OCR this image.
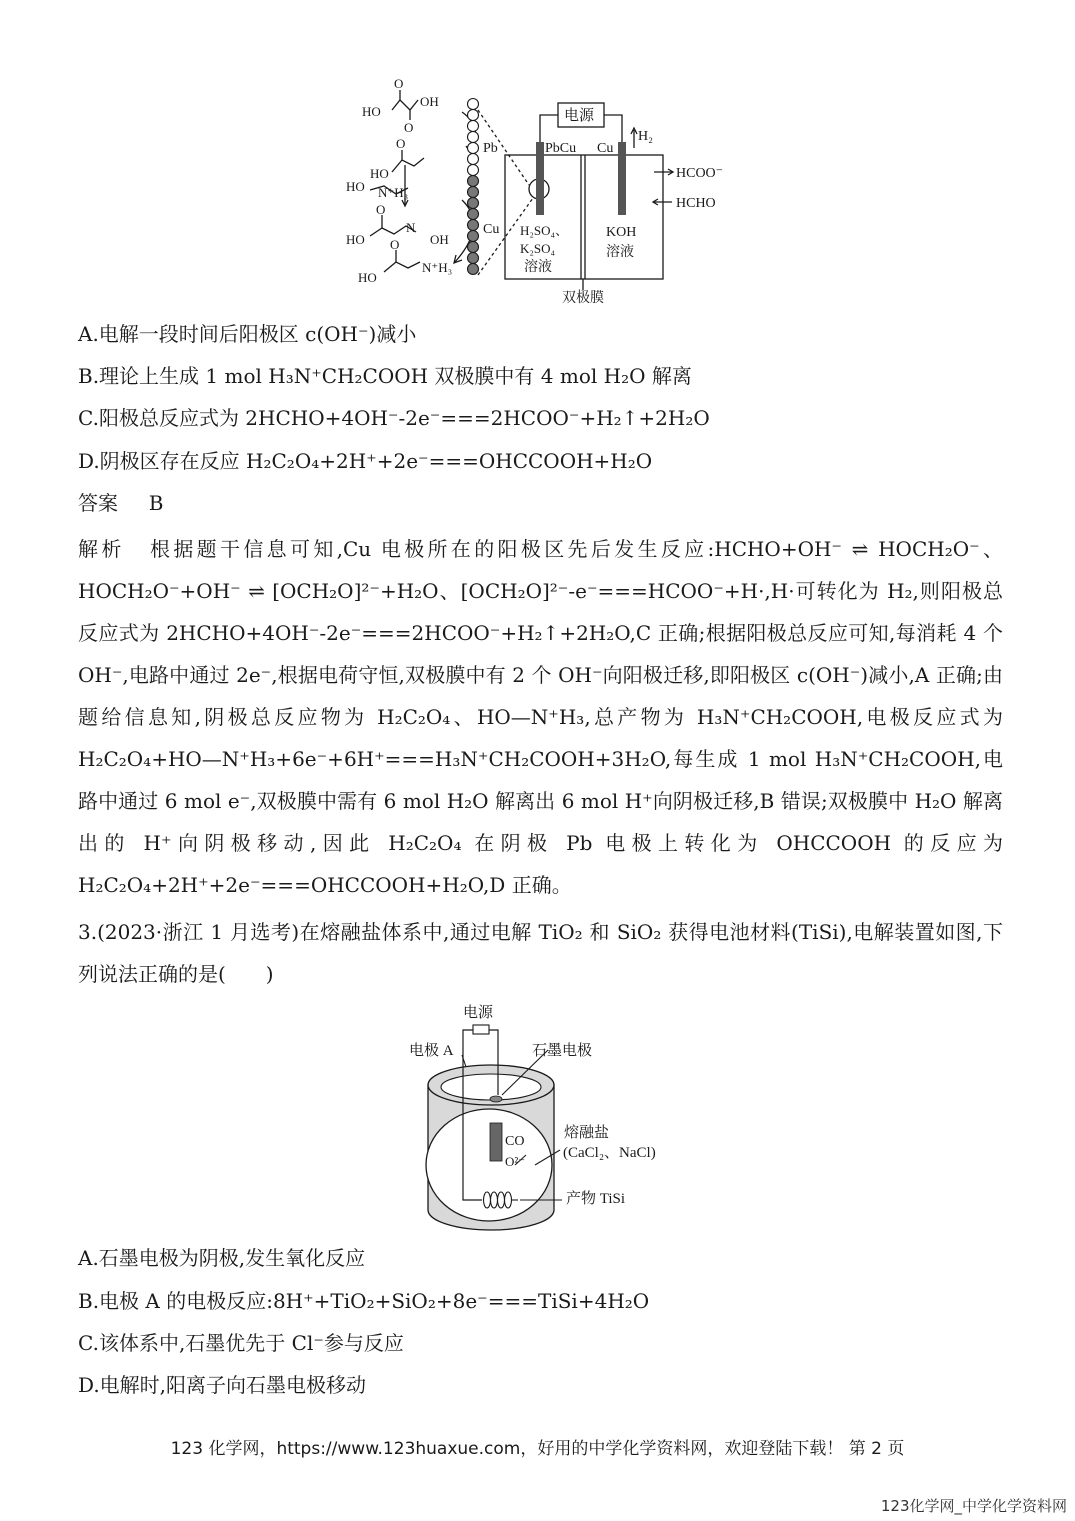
电源
Pb
Cu
PbCu Cu
H₂
HCOO⁻
HCHO
H₂SO₄、
K₂SO₄
溶液
KOH
溶液
双极膜
HO
OH
O
O
HO
O
HO N⁺H₃
O
HO
N
OH
HO
O
N⁺H₃
A.电解一段时间后阳极区 c(OH⁻)减小
B.理论上生成 1 mol H₃N⁺CH₂COOH 双极膜中有 4 mol H₂O 解离
C.阳极总反应式为 2HCHO+4OH⁻-2e⁻===2HCOO⁻+H₂↑+2H₂O
D.阴极区存在反应 H₂C₂O₄+2H⁺+2e⁻===OHCCOOH+H₂O
答案 B
解析 根据题干信息可知,Cu 电极所在的阳极区先后发生反应:HCHO+OH⁻ ⇌ HOCH₂O⁻、HOCH₂O⁻+OH⁻ ⇌ [OCH₂O]²⁻+H₂O、[OCH₂O]²⁻-e⁻===HCOO⁻+H·,H·可转化为 H₂,则阳极总反应式为 2HCHO+4OH⁻-2e⁻===2HCOO⁻+H₂↑+2H₂O,C 正确;根据阳极总反应可知,每消耗 4 个 OH⁻,电路中通过 2e⁻,根据电荷守恒,双极膜中有 2 个 OH⁻向阳极迁移,即阳极区 c(OH⁻)减小,A 正确;由题给信息知,阴极总反应物为 H₂C₂O₄、HO—N⁺H₃,总产物为 H₃N⁺CH₂COOH,电极反应式为 H₂C₂O₄+HO—N⁺H₃+6e⁻+6H⁺===H₃N⁺CH₂COOH+3H₂O,每生成 1 mol H₃N⁺CH₂COOH,电路中通过 6 mol e⁻,双极膜中需有 6 mol H₂O 解离出 6 mol H⁺向阴极迁移,B 错误;双极膜中 H₂O 解离出的 H⁺向阴极移动,因此 H₂C₂O₄ 在阴极 Pb 电极上转化为 OHCCOOH 的反应为 H₂C₂O₄+2H⁺+2e⁻===OHCCOOH+H₂O,D 正确。
3.(2023·浙江 1 月选考)在熔融盐体系中,通过电解 TiO₂ 和 SiO₂ 获得电池材料(TiSi),电解装置如图,下列说法正确的是(　　)
电源
电极 A	石墨电极
熔融盐
(CaCl₂、NaCl)
CO
O²⁻
产物 TiSi
A.石墨电极为阴极,发生氧化反应
B.电极 A 的电极反应:8H⁺+TiO₂+SiO₂+8e⁻===TiSi+4H₂O
C.该体系中,石墨优先于 Cl⁻参与反应
D.电解时,阳离子向石墨电极移动
123 化学网，https://www.123huaxue.com，好用的中学化学资料网，欢迎登陆下载！ 第 2 页
123化学网_中学化学资料网
